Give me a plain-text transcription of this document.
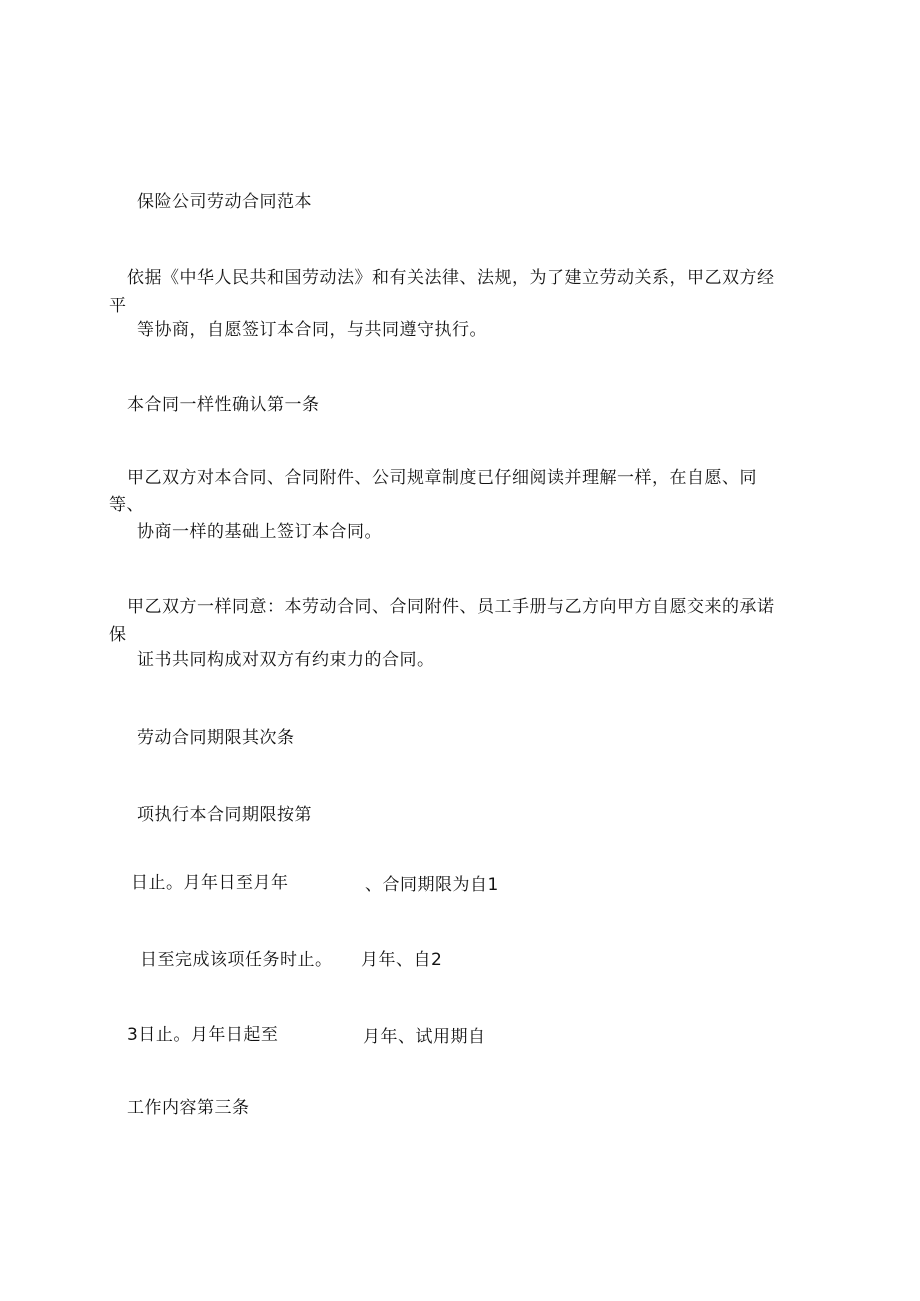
保险公司劳动合同范本
依据《中华人民共和国劳动法》和有关法律、法规，为了建立劳动关系，甲乙双方经
平
等协商，自愿签订本合同，与共同遵守执行。
本合同一样性确认第一条
甲乙双方对本合同、合同附件、公司规章制度已仔细阅读并理解一样，在自愿、同
等、
协商一样的基础上签订本合同。
甲乙双方一样同意：本劳动合同、合同附件、员工手册与乙方向甲方自愿交来的承诺
保
证书共同构成对双方有约束力的合同。
劳动合同期限其次条
项执行本合同期限按第
日止。月年日至月年	、合同期限为自1
日至完成该项任务时止。 月年、自2
3日止。月年日起至	月年、试用期自
工作内容第三条
